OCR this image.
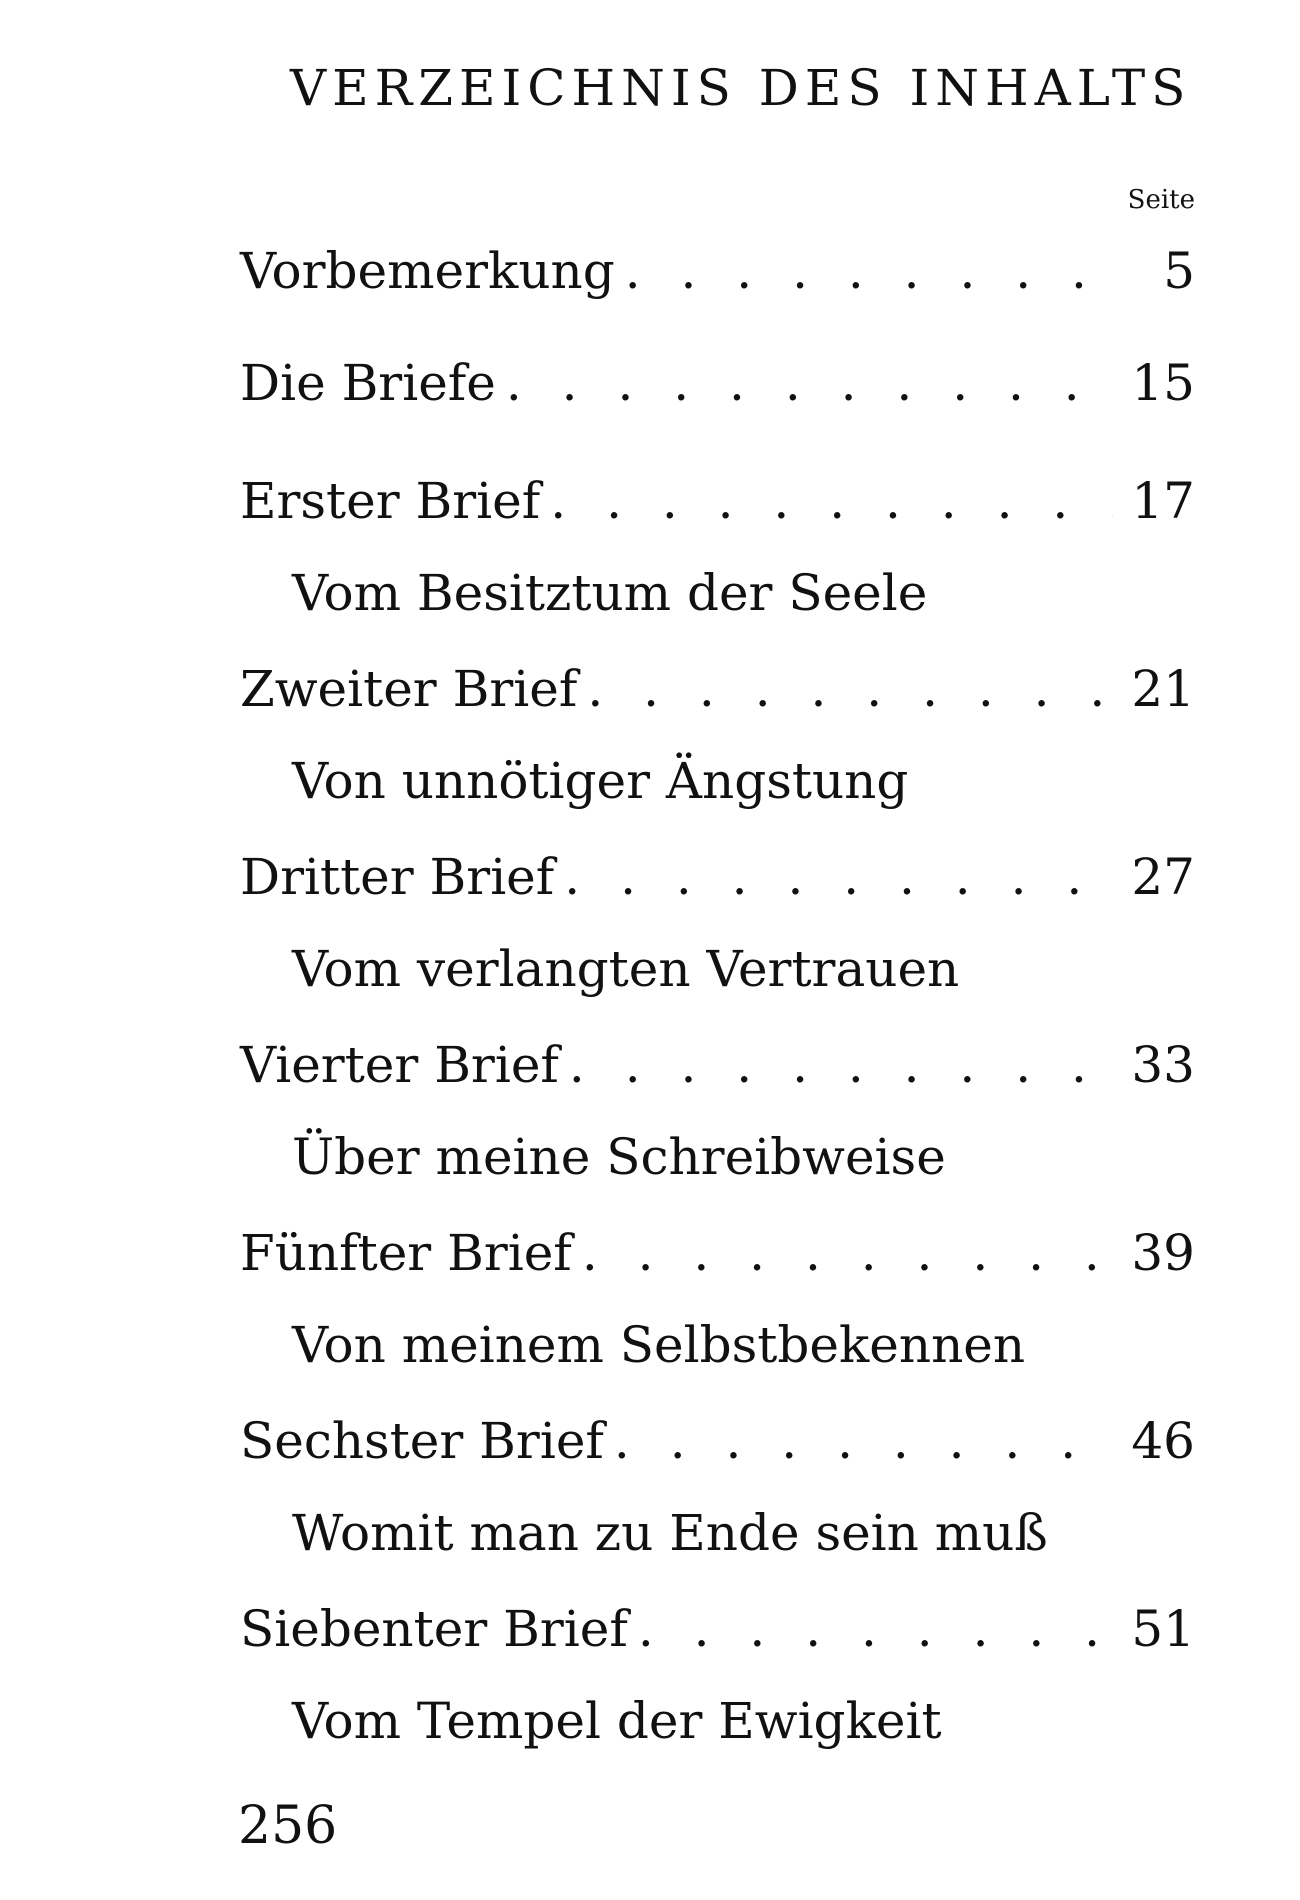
VERZEICHNIS DES INHALTS
Seite
Vorbemerkung . . .	5
Die Briefe . . .	15
Erster Brief . . .	17
Vom Besitztum der Seele
Zweiter Brief . . .	21
Von unnötiger Ängstung
Dritter Brief . . .	27
Vom verlangten Vertrauen
Vierter Brief . . .	33
Über meine Schreibweise
Fünfter Brief . . .	39
Von meinem Selbstbekennen
Sechster Brief . . .	46
Womit man zu Ende sein muß
Siebenter Brief . . .	51
Vom Tempel der Ewigkeit
256
